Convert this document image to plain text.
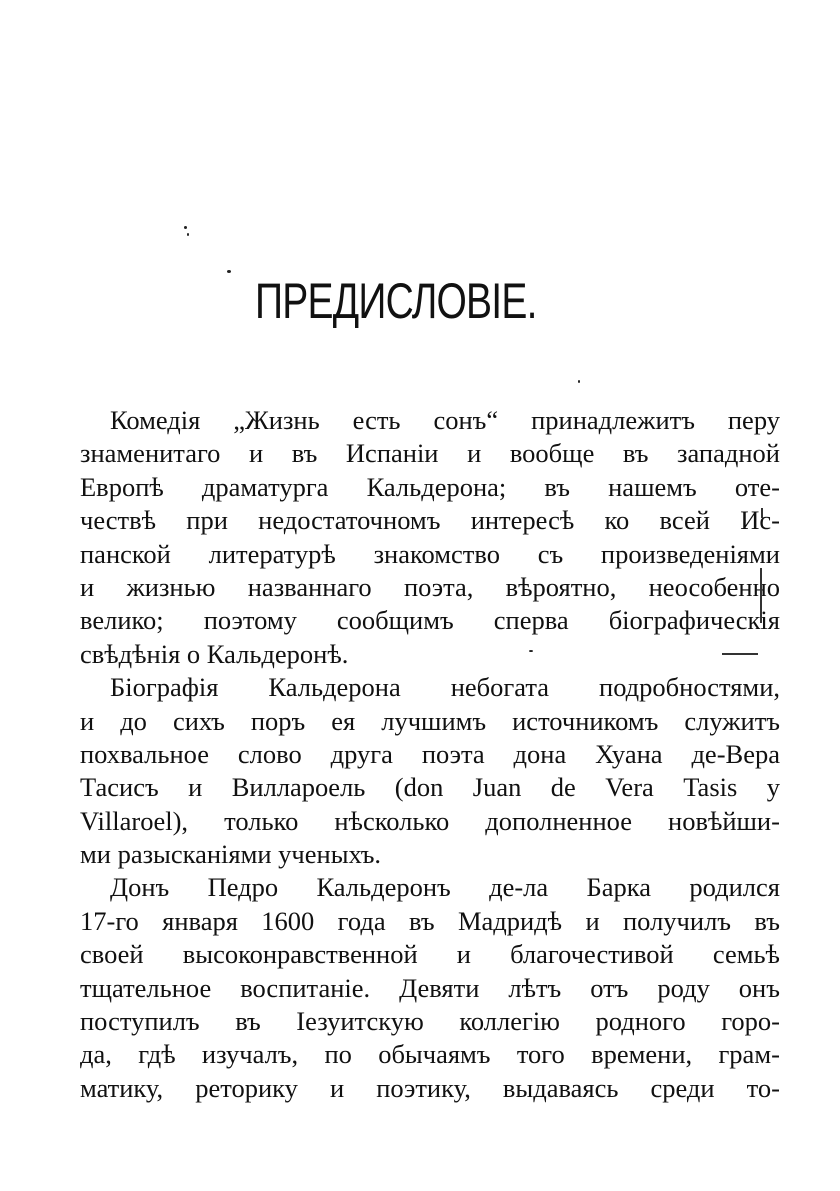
ПРЕДИСЛОВІЕ.
Комедія „Жизнь есть сонъ“ принадлежитъ перу
знаменитаго и въ Испаніи и вообще въ западной
Европѣ драматурга Кальдерона; въ нашемъ оте-
чествѣ при недостаточномъ интересѣ ко всей Ис-
панской литературѣ знакомство съ произведеніями
и жизнью названнаго поэта, вѣроятно, неособенно
велико; поэтому сообщимъ сперва біографическія
свѣдѣнія о Кальдеронѣ.
Біографія Кальдерона небогата подробностями,
и до сихъ поръ ея лучшимъ источникомъ служитъ
похвальное слово друга поэта дона Хуана де-Вера
Тасисъ и Вилларoель (don Juan de Vera Tasis y
Villaroel), только нѣсколько дополненное новѣйши-
ми разысканіями ученыхъ.
Донъ Педро Кальдеронъ де-ла Барка родился
17-го января 1600 года въ Мадридѣ и получилъ въ
своей высоконравственной и благочестивой семьѣ
тщательное воспитаніе. Девяти лѣтъ отъ роду онъ
поступилъ въ Іезуитскую коллегію родного горо-
да, гдѣ изучалъ, по обычаямъ того времени, грам-
матику, реторику и поэтику, выдаваясь среди то-
